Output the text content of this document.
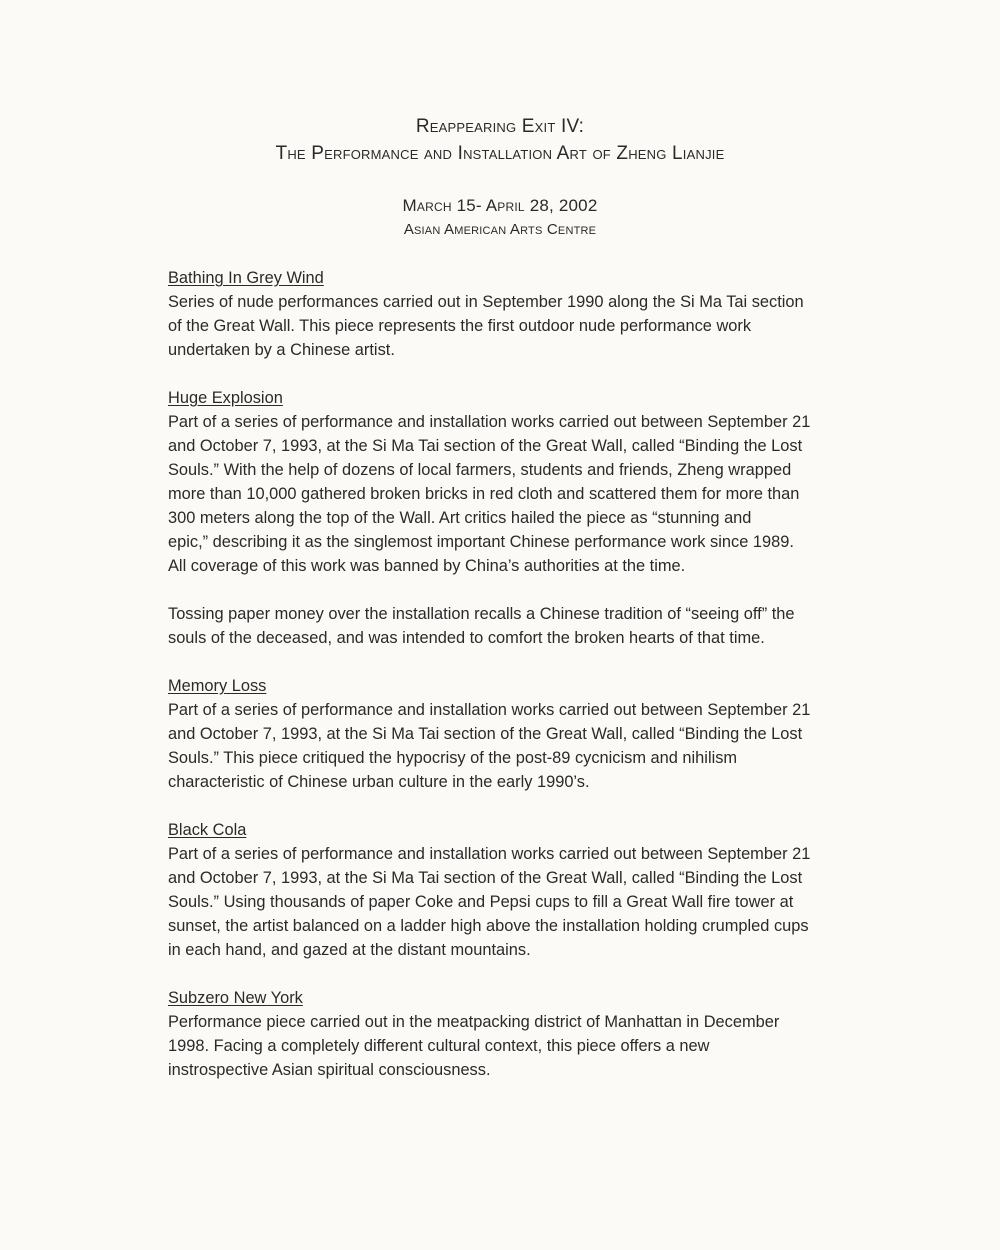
Reappearing Exit IV:
The Performance and Installation Art of Zheng Lianjie
March 15- April 28, 2002
Asian American Arts Centre
Bathing In Grey Wind
Series of nude performances carried out in September 1990 along the Si Ma Tai section
of the Great Wall. This piece represents the first outdoor nude performance work
undertaken by a Chinese artist.
Huge Explosion
Part of a series of performance and installation works carried out between September 21
and October 7, 1993, at the Si Ma Tai section of the Great Wall, called “Binding the Lost
Souls.” With the help of dozens of local farmers, students and friends, Zheng wrapped
more than 10,000 gathered broken bricks in red cloth and scattered them for more than
300 meters along the top of the Wall. Art critics hailed the piece as “stunning and
epic,” describing it as the singlemost important Chinese performance work since 1989.
All coverage of this work was banned by China’s authorities at the time.
Tossing paper money over the installation recalls a Chinese tradition of “seeing off” the
souls of the deceased, and was intended to comfort the broken hearts of that time.
Memory Loss
Part of a series of performance and installation works carried out between September 21
and October 7, 1993, at the Si Ma Tai section of the Great Wall, called “Binding the Lost
Souls.” This piece critiqued the hypocrisy of the post-89 cycnicism and nihilism
characteristic of Chinese urban culture in the early 1990’s.
Black Cola
Part of a series of performance and installation works carried out between September 21
and October 7, 1993, at the Si Ma Tai section of the Great Wall, called “Binding the Lost
Souls.” Using thousands of paper Coke and Pepsi cups to fill a Great Wall fire tower at
sunset, the artist balanced on a ladder high above the installation holding crumpled cups
in each hand, and gazed at the distant mountains.
Subzero New York
Performance piece carried out in the meatpacking district of Manhattan in December
1998. Facing a completely different cultural context, this piece offers a new
instrospective Asian spiritual consciousness.
